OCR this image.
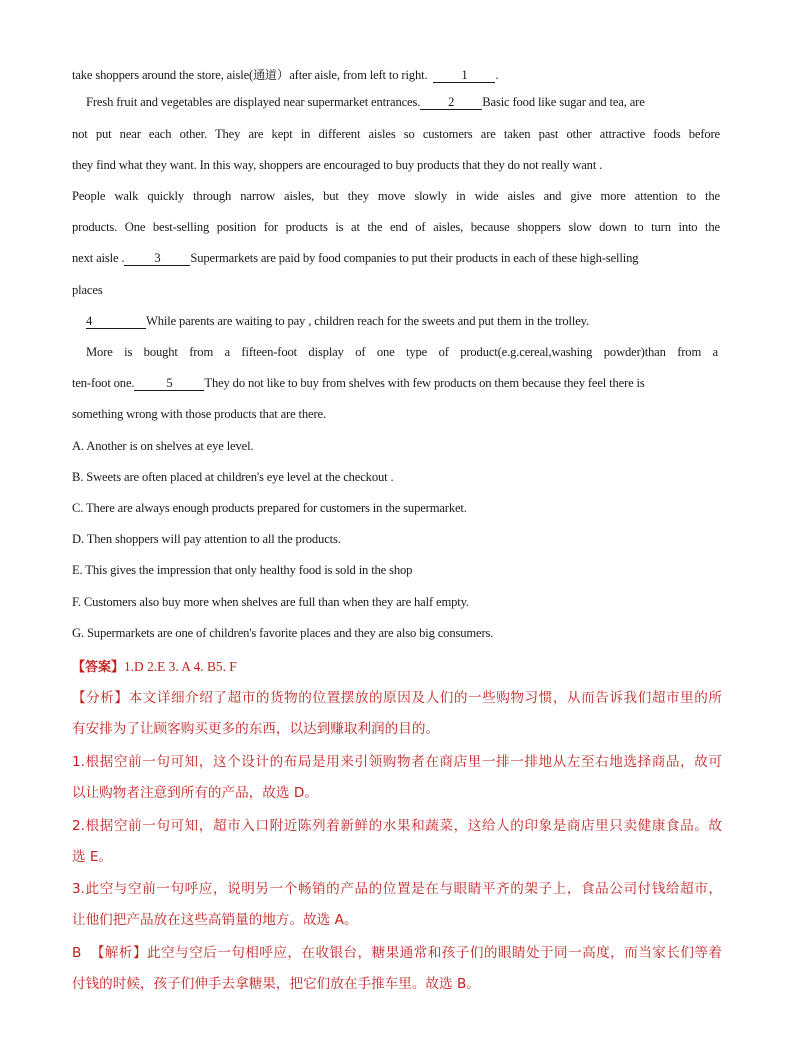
take shoppers around the store, aisle(通道）after aisle, from left to right.  1 .
Fresh fruit and vegetables are displayed near supermarket entrances. 2 Basic food like sugar and tea, are
not put near each other. They are kept in different aisles so customers are taken past other attractive foods before
they find what they want. In this way, shoppers are encouraged to buy products that they do not really want .
People walk quickly through narrow aisles, but they move slowly in wide aisles and give more attention to the
products. One best-selling position for products is at the end of aisles, because shoppers slow down to turn into the
next aisle . 3 Supermarkets are paid by food companies to put their products in each of these high-selling
places
4	While parents are waiting to pay , children reach for the sweets and put them in the trolley.
More is bought from a fifteen-foot display of one type of product(e.g.cereal,washing powder)than from a
ten-foot one.	5	They do not like to buy from shelves with few products on them because they feel there is
something wrong with those products that are there.
A. Another is on shelves at eye level.
B. Sweets are often placed at children's eye level at the checkout .
C. There are always enough products prepared for customers in the supermarket.
D. Then shoppers will pay attention to all the products.
E. This gives the impression that only healthy food is sold in the shop
F. Customers also buy more when shelves are full than when they are half empty.
G. Supermarkets are one of children's favorite places and they are also big consumers.
【答案】1.D 2.E 3. A 4. B5. F
【分析】本文详细介绍了超市的货物的位置摆放的原因及人们的一些购物习惯，从而告诉我们超市里的所
有安排为了让顾客购买更多的东西，以达到赚取利润的目的。
1.根据空前一句可知，这个设计的布局是用来引领购物者在商店里一排一排地从左至右地选择商品，故可
以让购物者注意到所有的产品，故选 D。
2.根据空前一句可知，超市入口附近陈列着新鲜的水果和蔬菜，这给人的印象是商店里只卖健康食品。故
选 E。
3.此空与空前一句呼应，说明另一个畅销的产品的位置是在与眼睛平齐的架子上，食品公司付钱给超市，
让他们把产品放在这些高销量的地方。故选 A。
B  【解析】此空与空后一句相呼应，在收银台，糖果通常和孩子们的眼睛处于同一高度，而当家长们等着
付钱的时候，孩子们伸手去拿糖果，把它们放在手推车里。故选 B。
